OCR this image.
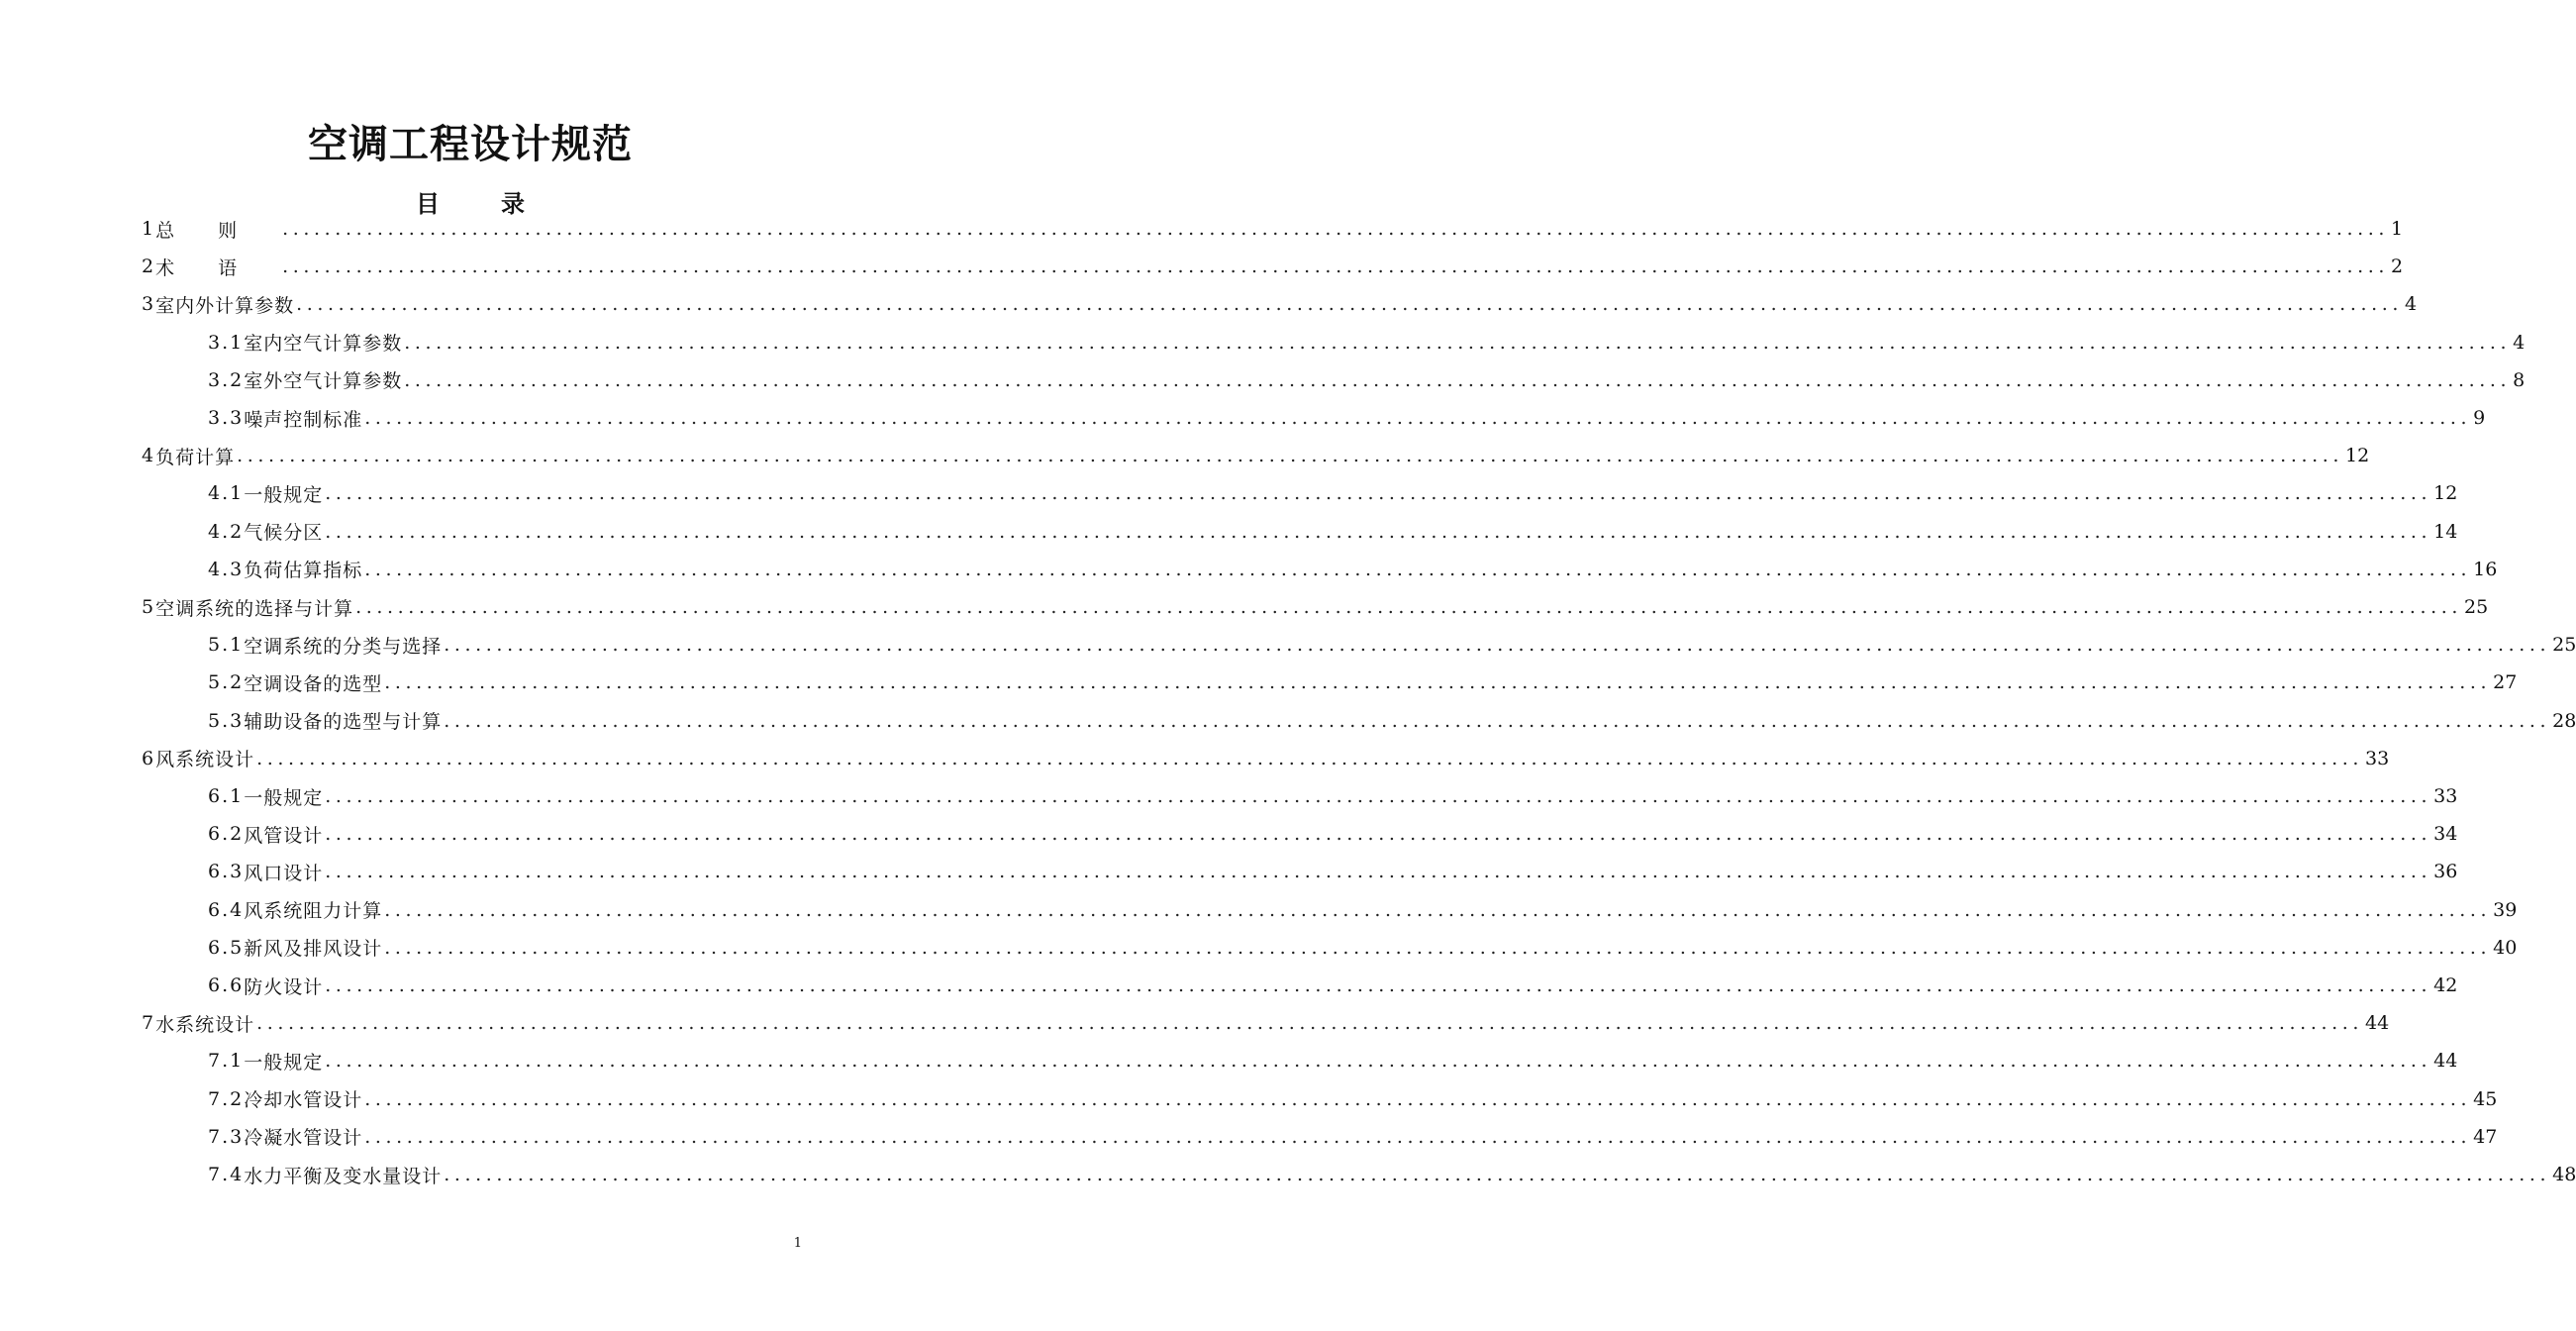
空调工程设计规范
目	录
1 总则 ........................................................................................................................................................................................................ 1
2 术语 ........................................................................................................................................................................................................ 2
3 室内外计算参数 ........................................................................................................................................................................................................ 4
3.1 室内空气计算参数 ........................................................................................................................................................................................................ 4
3.2 室外空气计算参数 ........................................................................................................................................................................................................ 8
3.3 噪声控制标准 ........................................................................................................................................................................................................ 9
4 负荷计算 ........................................................................................................................................................................................................ 12
4.1 一般规定 ........................................................................................................................................................................................................ 12
4.2 气候分区 ........................................................................................................................................................................................................ 14
4.3 负荷估算指标 ........................................................................................................................................................................................................ 16
5 空调系统的选择与计算 ........................................................................................................................................................................................................ 25
5.1 空调系统的分类与选择 ........................................................................................................................................................................................................ 25
5.2 空调设备的选型 ........................................................................................................................................................................................................ 27
5.3 辅助设备的选型与计算 ........................................................................................................................................................................................................ 28
6 风系统设计 ........................................................................................................................................................................................................ 33
6.1 一般规定 ........................................................................................................................................................................................................ 33
6.2 风管设计 ........................................................................................................................................................................................................ 34
6.3 风口设计 ........................................................................................................................................................................................................ 36
6.4 风系统阻力计算 ........................................................................................................................................................................................................ 39
6.5 新风及排风设计 ........................................................................................................................................................................................................ 40
6.6 防火设计 ........................................................................................................................................................................................................ 42
7 水系统设计 ........................................................................................................................................................................................................ 44
7.1 一般规定 ........................................................................................................................................................................................................ 44
7.2 冷却水管设计 ........................................................................................................................................................................................................ 45
7.3 冷凝水管设计 ........................................................................................................................................................................................................ 47
7.4 水力平衡及变水量设计 ........................................................................................................................................................................................................ 48
1
